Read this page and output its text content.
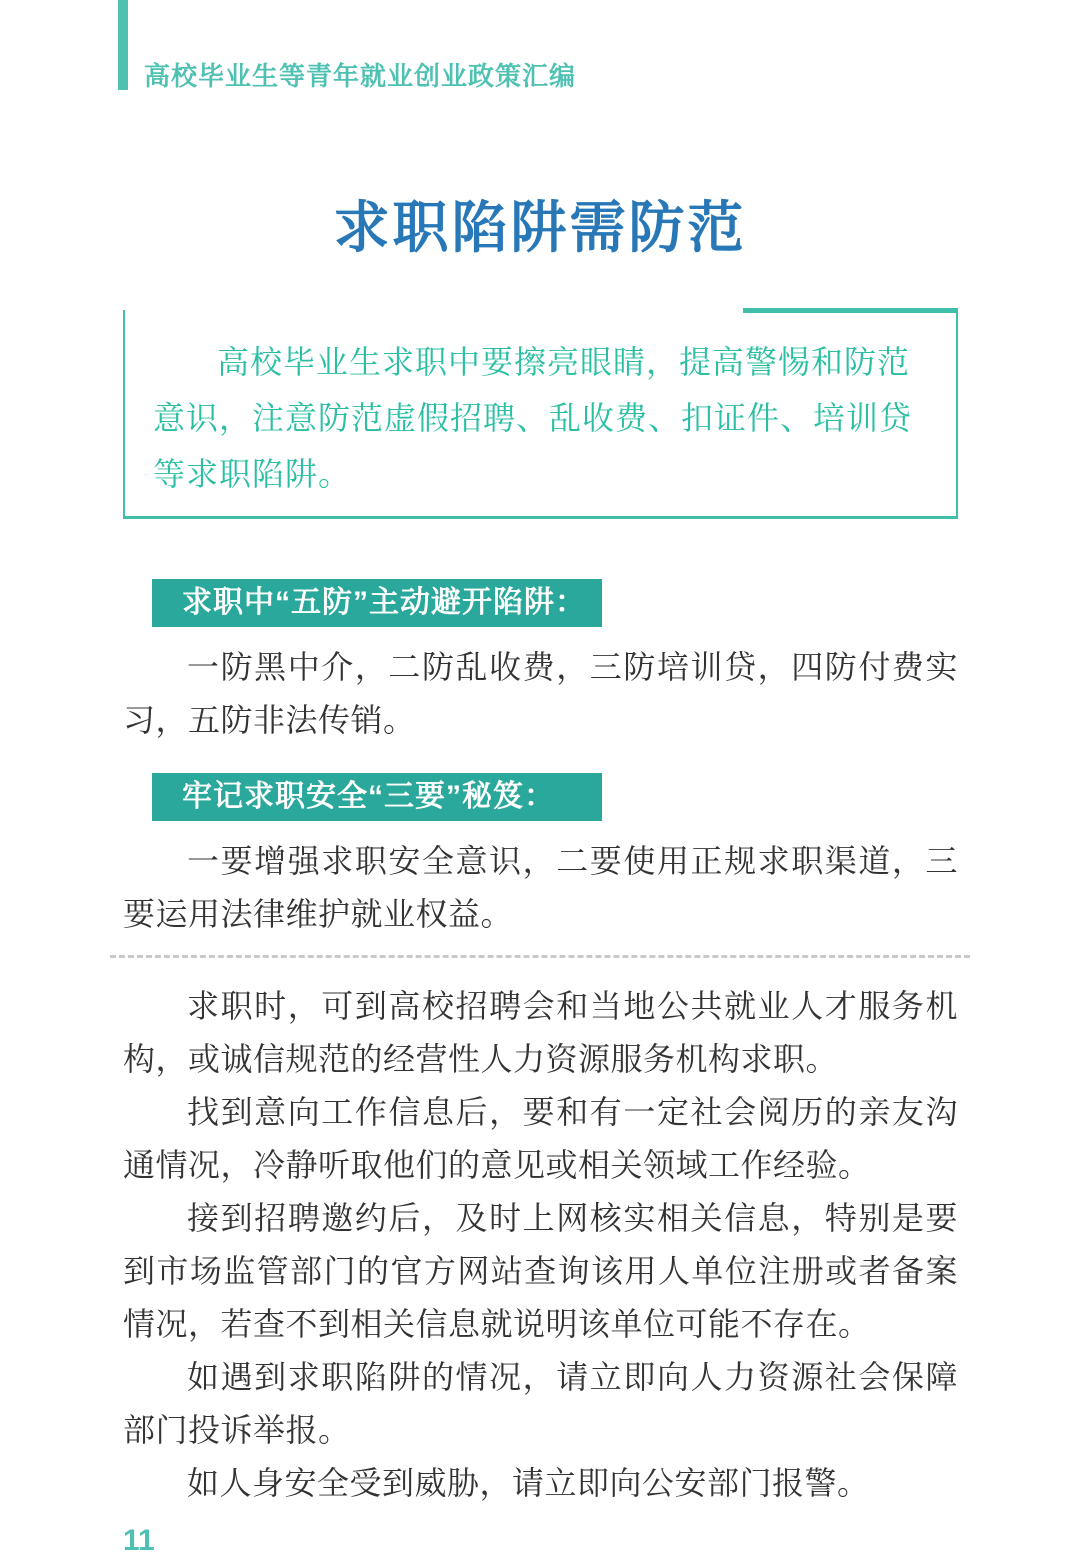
高校毕业生等青年就业创业政策汇编
求职陷阱需防范

高校毕业生求职中要擦亮眼睛，提高警惕和防范意识，注意防范虚假招聘、乱收费、扣证件、培训贷等求职陷阱。

求职中“五防”主动避开陷阱：

一防黑中介，二防乱收费，三防培训贷，四防付费实习，五防非法传销。

牢记求职安全“三要”秘笈：

一要增强求职安全意识，二要使用正规求职渠道，三要运用法律维护就业权益。

求职时，可到高校招聘会和当地公共就业人才服务机构，或诚信规范的经营性人力资源服务机构求职。

找到意向工作信息后，要和有一定社会阅历的亲友沟通情况，冷静听取他们的意见或相关领域工作经验。

接到招聘邀约后，及时上网核实相关信息，特别是要到市场监管部门的官方网站查询该用人单位注册或者备案情况，若查不到相关信息就说明该单位可能不存在。

如遇到求职陷阱的情况，请立即向人力资源社会保障部门投诉举报。

如人身安全受到威胁，请立即向公安部门报警。

11
